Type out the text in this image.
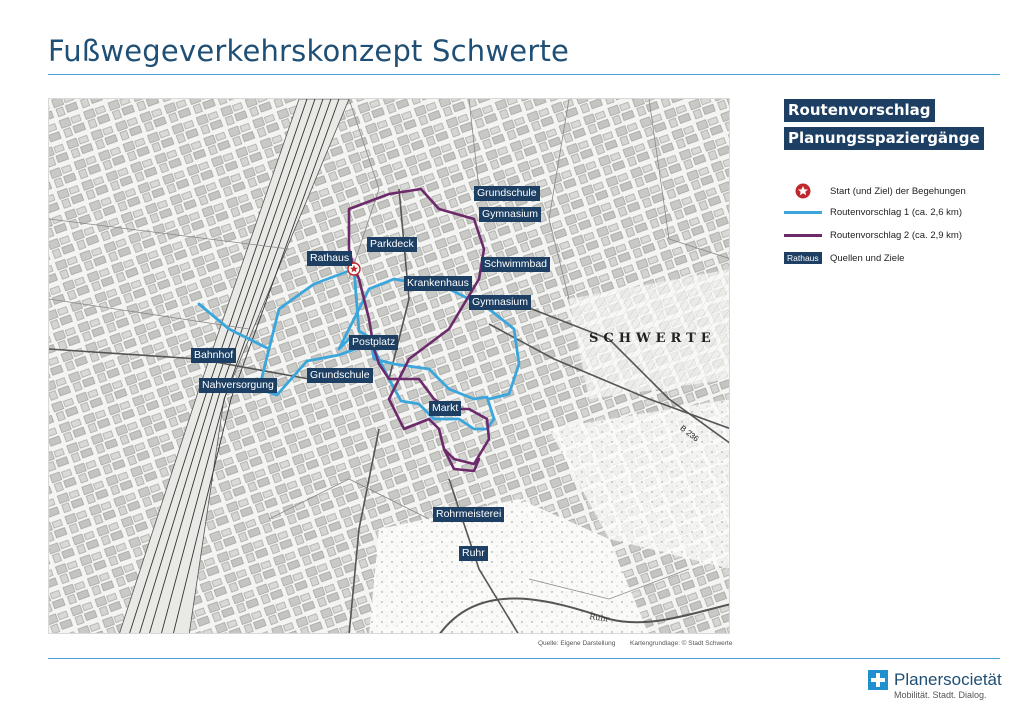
Fußwegeverkehrskonzept Schwerte
Ruhr
SCHWERTE
B 236
Grundschule
Gymnasium
Parkdeck
Rathaus	Schwimmbad
Krankenhaus
Gymnasium
Postplatz
Bahnhof
Nahversorgung
Grundschule
Markt
Rohrmeisterei
Ruhr
Routenvorschlag
Planungsspaziergänge
Start (und Ziel) der Begehungen
Routenvorschlag 1 (ca. 2,6 km)
Routenvorschlag 2 (ca. 2,9 km)
Rathaus	Quellen und Ziele
Quelle: Eigene Darstellung Kartengrundlage: © Stadt Schwerte
Planersocietät
Mobilität. Stadt. Dialog.
